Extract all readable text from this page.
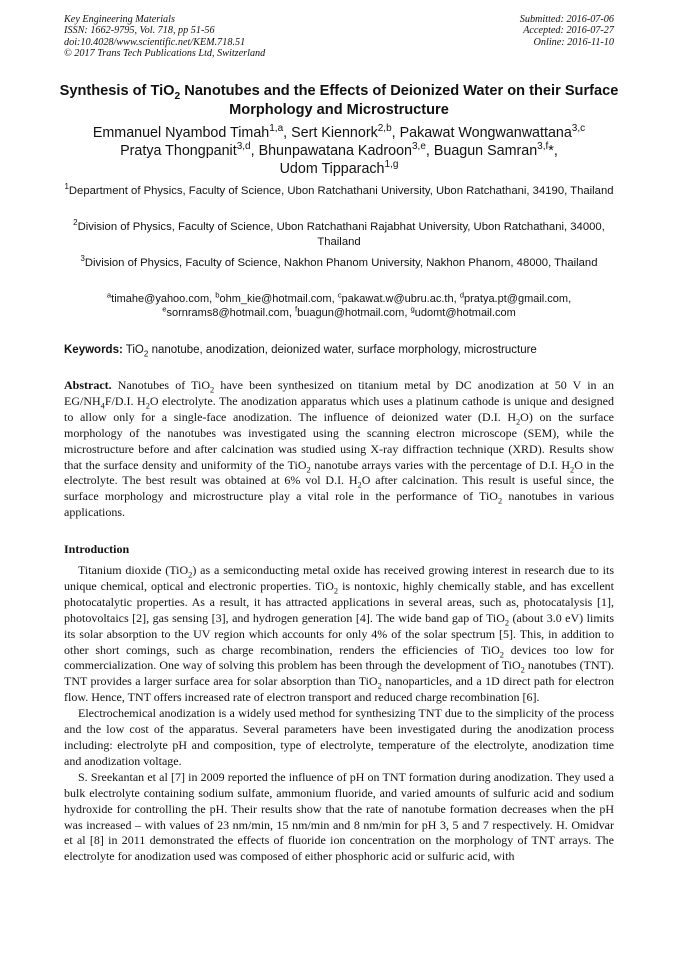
Key Engineering Materials
ISSN: 1662-9795, Vol. 718, pp 51-56
doi:10.4028/www.scientific.net/KEM.718.51
© 2017 Trans Tech Publications Ltd, Switzerland
Submitted: 2016-07-06
Accepted: 2016-07-27
Online: 2016-11-10
Synthesis of TiO$_2$ Nanotubes and the Effects of Deionized Water on their Surface Morphology and Microstructure
Emmanuel Nyambod Timah$^{1,a}$, Sert Kiennork$^{2,b}$, Pakawat Wongwanwattana$^{3,c}$
Pratya Thongpanit$^{3,d}$, Bhunpawatana Kadroon$^{3,e}$, Buagun Samran$^{3,f}$*,
Udom Tipparach$^{1,g}$
$^1$Department of Physics, Faculty of Science, Ubon Ratchathani University, Ubon Ratchathani, 34190, Thailand
$^2$Division of Physics, Faculty of Science, Ubon Ratchathani Rajabhat University, Ubon Ratchathani, 34000, Thailand
$^3$Division of Physics, Faculty of Science, Nakhon Phanom University, Nakhon Phanom, 48000, Thailand
$^a$timahe@yahoo.com, $^b$ohm_kie@hotmail.com, $^c$pakawat.w@ubru.ac.th, $^d$pratya.pt@gmail.com,
$^e$sornrams8@hotmail.com, $^f$buagun@hotmail.com, $^g$udomt@hotmail.com
Keywords: TiO$_2$ nanotube, anodization, deionized water, surface morphology, microstructure

Abstract. Nanotubes of TiO$_2$ have been synthesized on titanium metal by DC anodization at 50 V in an $EG/NH_4F/D.I$. $H_2O$ electrolyte. The anodization apparatus which uses a platinum cathode is unique and designed to allow only for a single-face anodization. The influence of deionized water (D.I. $H_2O$) on the surface morphology of the nanotubes was investigated using the scanning electron microscope (SEM), while the microstructure before and after calcination was studied using X-ray diffraction technique (XRD). Results show that the surface density and uniformity of the TiO$_2$ nanotube arrays varies with the percentage of D.I. $H_2O$ in the electrolyte. The best result was obtained at 6% vol D.I. $H_2O$ after calcination. This result is useful since, the surface morphology and microstructure play a vital role in the performance of TiO$_2$ nanotubes in various applications.

Introduction

Titanium dioxide (TiO$_2$) as a semiconducting metal oxide has received growing interest in research due to its unique chemical, optical and electronic properties. TiO$_2$ is nontoxic, highly chemically stable, and has excellent photocatalytic properties. As a result, it has attracted applications in several areas, such as, photocatalysis [1], photovoltaics [2], gas sensing [3], and hydrogen generation [4]. The wide band gap of TiO$_2$ (about 3.0 eV) limits its solar absorption to the UV region which accounts for only 4% of the solar spectrum [5]. This, in addition to other short comings, such as charge recombination, renders the efficiencies of TiO$_2$ devices too low for commercialization. One way of solving this problem has been through the development of TiO$_2$ nanotubes (TNT). TNT provides a larger surface area for solar absorption than TiO$_2$ nanoparticles, and a 1D direct path for electron flow. Hence, TNT offers increased rate of electron transport and reduced charge recombination [6].

Electrochemical anodization is a widely used method for synthesizing TNT due to the simplicity of the process and the low cost of the apparatus. Several parameters have been investigated during the anodization process including: electrolyte pH and composition, type of electrolyte, temperature of the electrolyte, anodization time and anodization voltage.

S. Sreekantan et al [7] in 2009 reported the influence of pH on TNT formation during anodization. They used a bulk electrolyte containing sodium sulfate, ammonium fluoride, and varied amounts of sulfuric acid and sodium hydroxide for controlling the pH. Their results show that the rate of nanotube formation decreases when the pH was increased – with values of 23 nm/min, 15 nm/min and 8 nm/min for pH 3, 5 and 7 respectively. H. Omidvar et al [8] in 2011 demonstrated the effects of fluoride ion concentration on the morphology of TNT arrays. The electrolyte for anodization used was composed of either phosphoric acid or sulfuric acid, with
